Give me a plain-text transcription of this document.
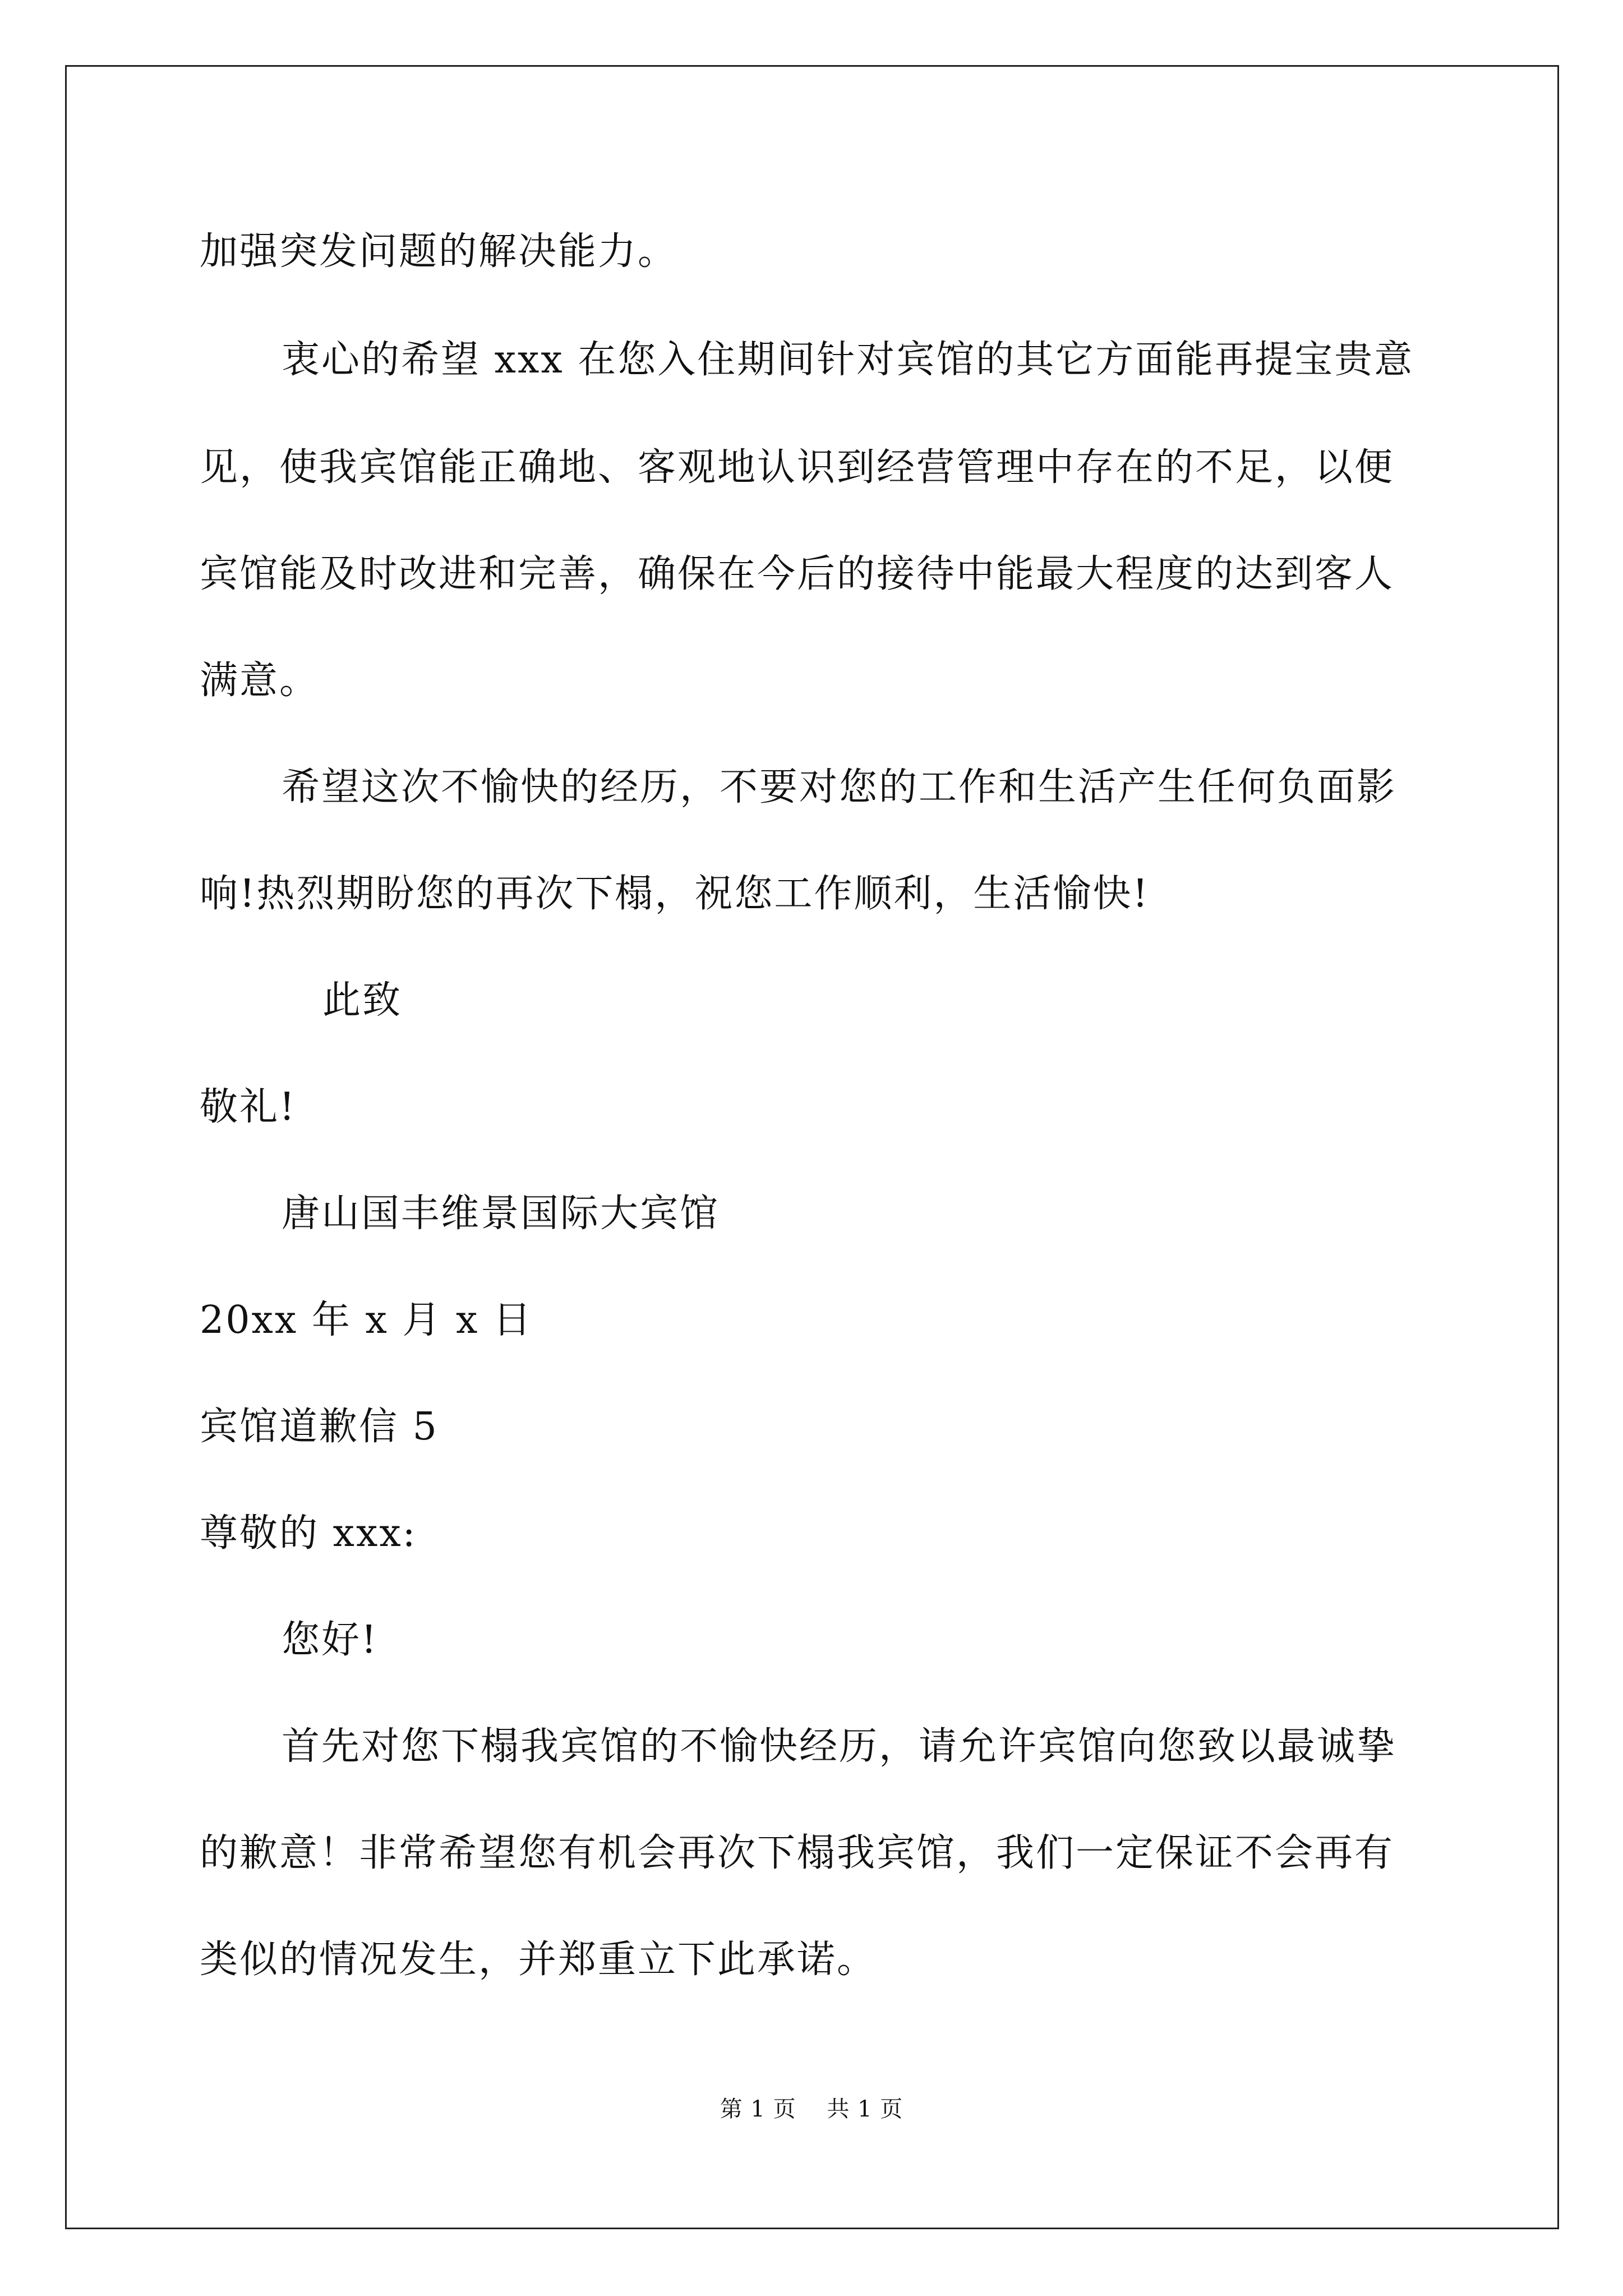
加强突发问题的解决能力。
衷心的希望 xxx 在您入住期间针对宾馆的其它方面能再提宝贵意
见，使我宾馆能正确地、客观地认识到经营管理中存在的不足，以便
宾馆能及时改进和完善，确保在今后的接待中能最大程度的达到客人
满意。
希望这次不愉快的经历，不要对您的工作和生活产生任何负面影
响!热烈期盼您的再次下榻，祝您工作顺利，生活愉快!
此致
敬礼!
唐山国丰维景国际大宾馆
20xx 年 x 月 x 日
宾馆道歉信 5
尊敬的 xxx:
您好!
首先对您下榻我宾馆的不愉快经历，请允许宾馆向您致以最诚挚
的歉意！非常希望您有机会再次下榻我宾馆，我们一定保证不会再有
类似的情况发生，并郑重立下此承诺。
第 1 页    共 1 页
